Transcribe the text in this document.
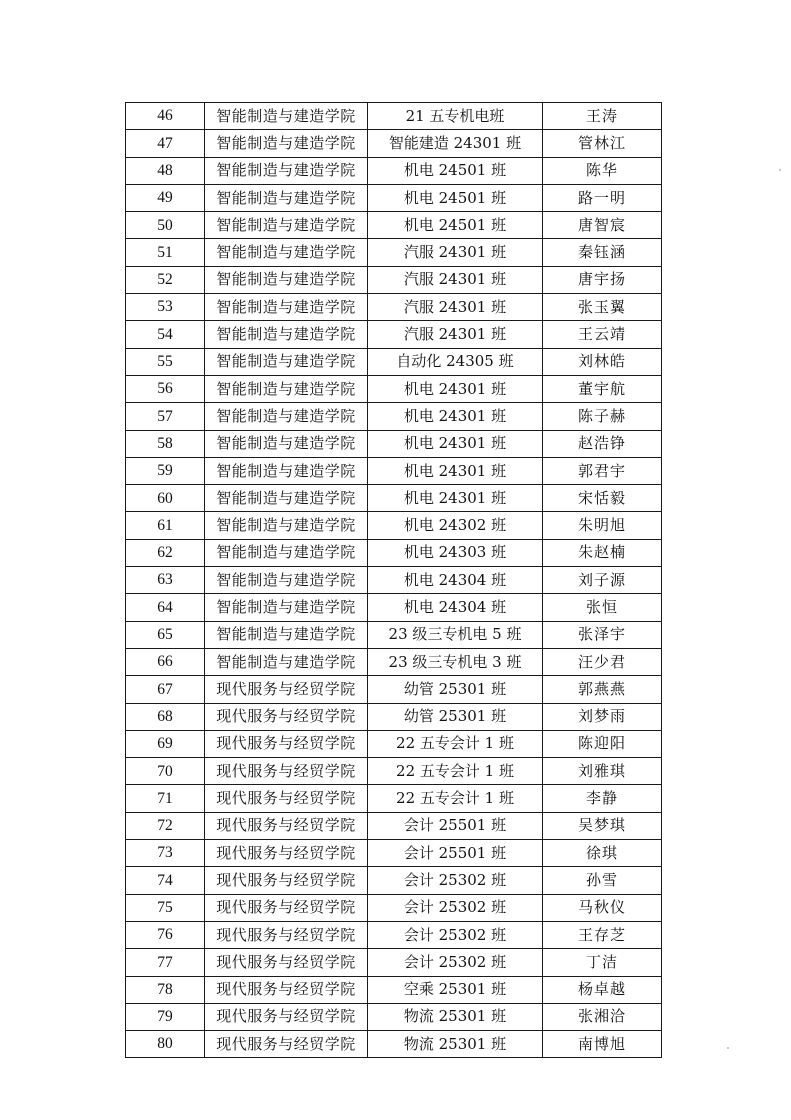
46	智能制造与建造学院	21 五专机电班	王涛
47	智能制造与建造学院	智能建造 24301 班	管林江
48	智能制造与建造学院	机电 24501 班	陈华
49	智能制造与建造学院	机电 24501 班	路一明
50	智能制造与建造学院	机电 24501 班	唐智宸
51	智能制造与建造学院	汽服 24301 班	秦钰涵
52	智能制造与建造学院	汽服 24301 班	唐宇扬
53	智能制造与建造学院	汽服 24301 班	张玉翼
54	智能制造与建造学院	汽服 24301 班	王云靖
55	智能制造与建造学院	自动化 24305 班	刘林皓
56	智能制造与建造学院	机电 24301 班	董宇航
57	智能制造与建造学院	机电 24301 班	陈子赫
58	智能制造与建造学院	机电 24301 班	赵浩铮
59	智能制造与建造学院	机电 24301 班	郭君宇
60	智能制造与建造学院	机电 24301 班	宋恬毅
61	智能制造与建造学院	机电 24302 班	朱明旭
62	智能制造与建造学院	机电 24303 班	朱赵楠
63	智能制造与建造学院	机电 24304 班	刘子源
64	智能制造与建造学院	机电 24304 班	张恒
65	智能制造与建造学院	23 级三专机电 5 班	张泽宇
66	智能制造与建造学院	23 级三专机电 3 班	汪少君
67	现代服务与经贸学院	幼管 25301 班	郭燕燕
68	现代服务与经贸学院	幼管 25301 班	刘梦雨
69	现代服务与经贸学院	22 五专会计 1 班	陈迎阳
70	现代服务与经贸学院	22 五专会计 1 班	刘雅琪
71	现代服务与经贸学院	22 五专会计 1 班	李静
72	现代服务与经贸学院	会计 25501 班	吴梦琪
73	现代服务与经贸学院	会计 25501 班	徐琪
74	现代服务与经贸学院	会计 25302 班	孙雪
75	现代服务与经贸学院	会计 25302 班	马秋仪
76	现代服务与经贸学院	会计 25302 班	王存芝
77	现代服务与经贸学院	会计 25302 班	丁洁
78	现代服务与经贸学院	空乘 25301 班	杨卓越
79	现代服务与经贸学院	物流 25301 班	张湘洽
80	现代服务与经贸学院	物流 25301 班	南博旭
